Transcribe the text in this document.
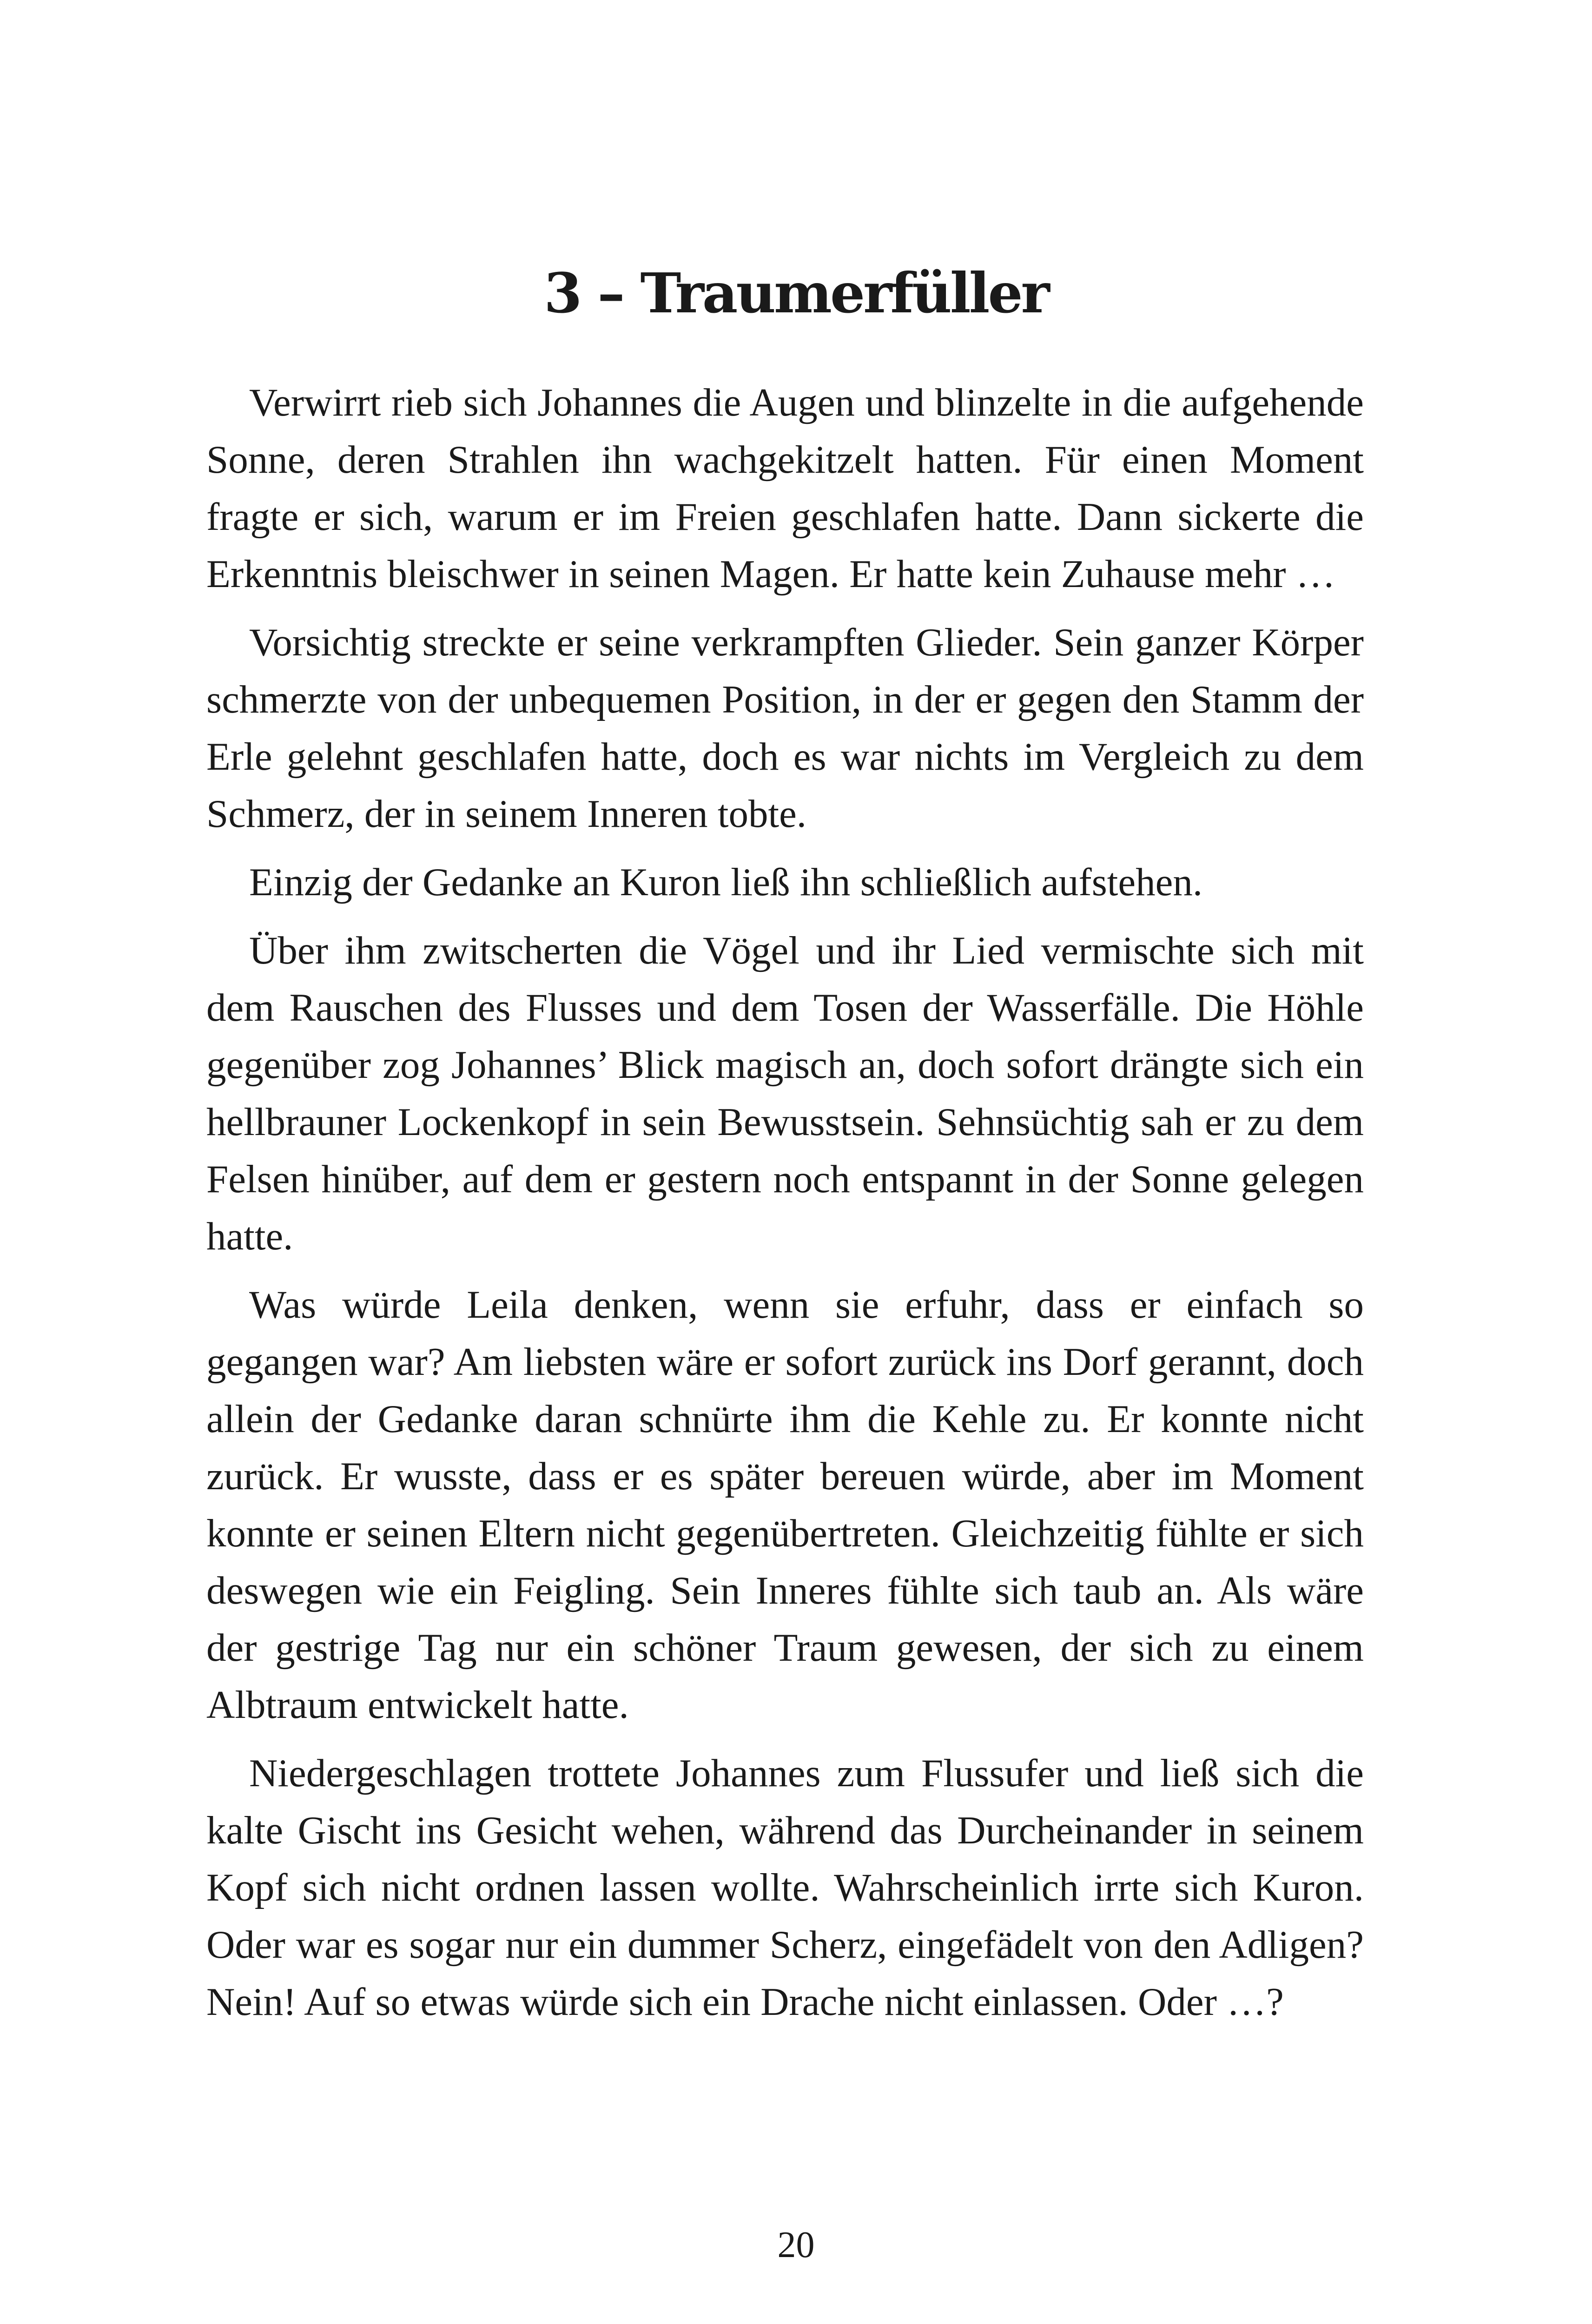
3 – Traumerfüller

Verwirrt rieb sich Johannes die Augen und blinzelte in die aufgehende Sonne, deren Strahlen ihn wachgekitzelt hatten. Für einen Moment fragte er sich, warum er im Freien geschlafen hatte. Dann sickerte die Erkenntnis bleischwer in seinen Magen. Er hatte kein Zuhause mehr …

Vorsichtig streckte er seine verkrampften Glieder. Sein ganzer Körper schmerzte von der unbequemen Position, in der er gegen den Stamm der Erle gelehnt geschlafen hatte, doch es war nichts im Vergleich zu dem Schmerz, der in seinem Inneren tobte.

Einzig der Gedanke an Kuron ließ ihn schließlich aufstehen.

Über ihm zwitscherten die Vögel und ihr Lied vermischte sich mit dem Rauschen des Flusses und dem Tosen der Wasserfälle. Die Höhle gegenüber zog Johannes’ Blick magisch an, doch sofort drängte sich ein hellbrauner Lockenkopf in sein Bewusstsein. Sehnsüchtig sah er zu dem Felsen hinüber, auf dem er gestern noch entspannt in der Sonne gelegen hatte.

Was würde Leila denken, wenn sie erfuhr, dass er einfach so gegangen war? Am liebsten wäre er sofort zurück ins Dorf gerannt, doch allein der Gedanke daran schnürte ihm die Kehle zu. Er konnte nicht zurück. Er wusste, dass er es später bereuen würde, aber im Moment konnte er seinen Eltern nicht gegenübertreten. Gleichzeitig fühlte er sich deswegen wie ein Feigling. Sein Inneres fühlte sich taub an. Als wäre der gestrige Tag nur ein schöner Traum gewesen, der sich zu einem Albtraum entwickelt hatte.

Niedergeschlagen trottete Johannes zum Flussufer und ließ sich die kalte Gischt ins Gesicht wehen, während das Durcheinander in seinem Kopf sich nicht ordnen lassen wollte. Wahrscheinlich irrte sich Kuron. Oder war es sogar nur ein dummer Scherz, eingefädelt von den Adligen? Nein! Auf so etwas würde sich ein Drache nicht einlassen. Oder …?

20
